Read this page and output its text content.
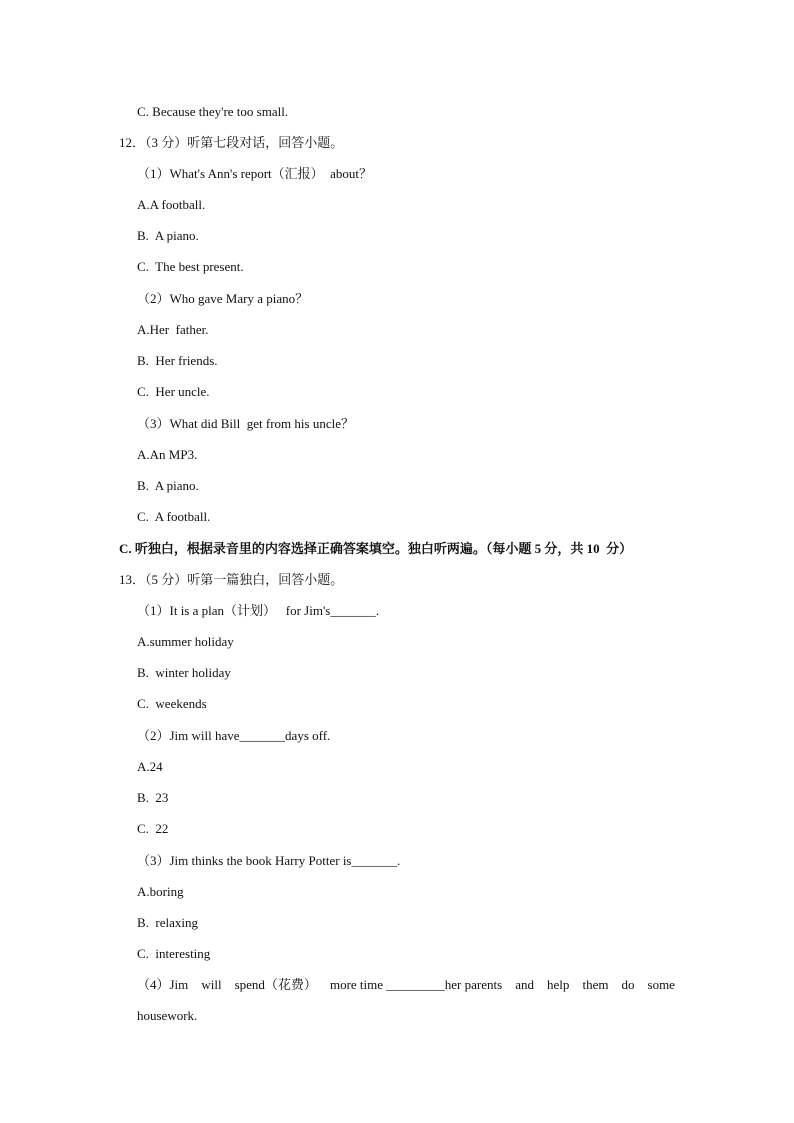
C. Because they're too small.
12．（3 分）听第七段对话，回答小题。
（1）What's Ann's report（汇报）  about？
A.A football.
B.  A piano.
C.  The best present.
（2）Who gave Mary a piano？
A.Her  father.
B.  Her friends.
C.  Her uncle.
（3）What did Bill  get from his uncle？
A.An MP3.
B.  A piano.
C.  A football.
C. 听独白，根据录音里的内容选择正确答案填空。独白听两遍。（每小题 5 分，共 10  分）
13．（5 分）听第一篇独白，回答小题。
（1）It is a plan（计划）   for Jim's_______.
A.summer holiday
B.  winter holiday
C.  weekends
（2）Jim will have_______days off.
A.24
B.  23
C.  22
（3）Jim thinks the book Harry Potter is_______.
A.boring
B.  relaxing
C.  interesting
（4）Jim will spend（花费） more time _________her parents and help them do some
housework.
